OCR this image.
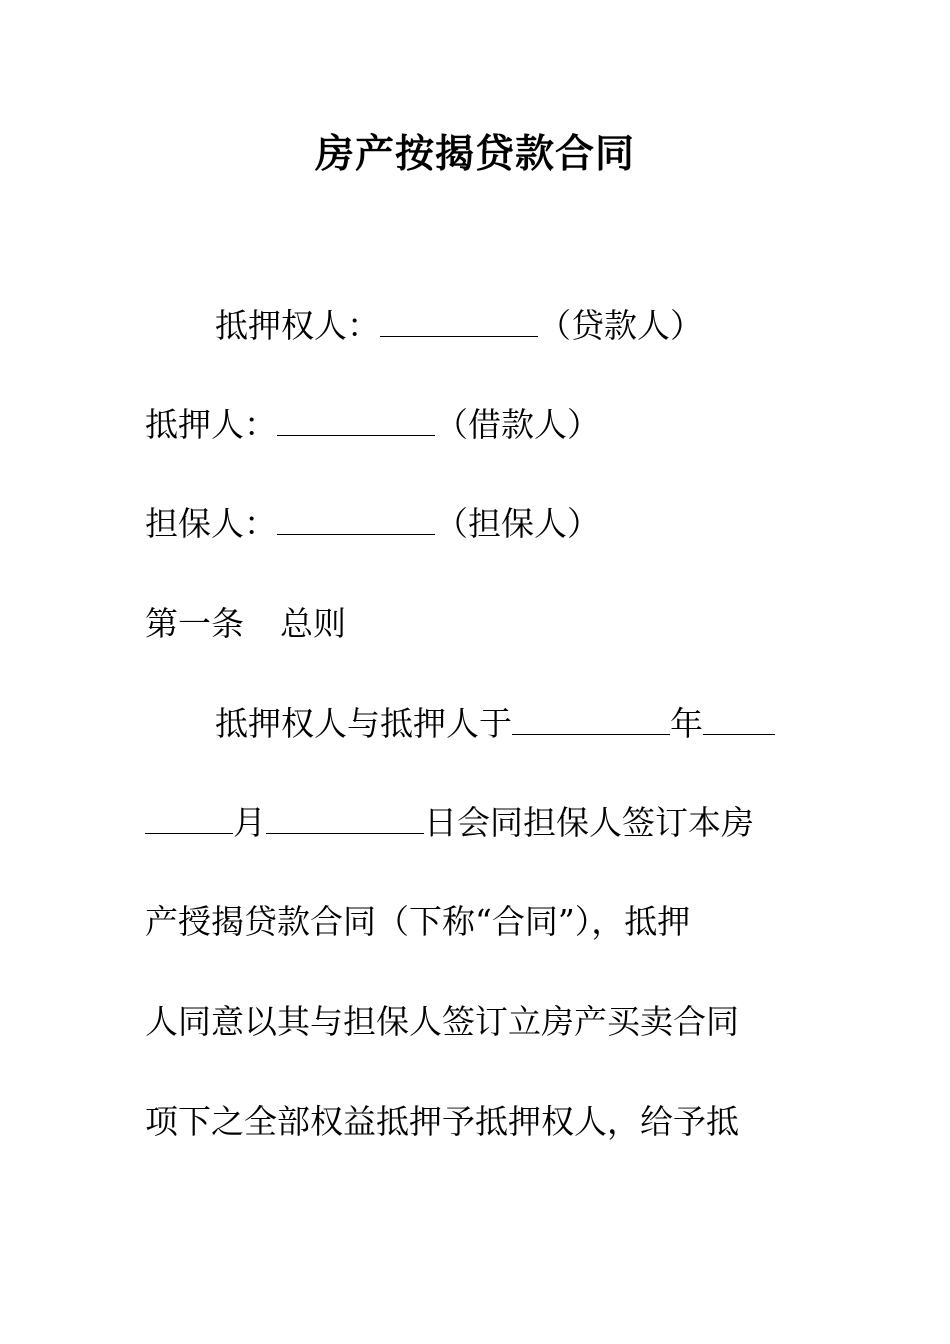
房产按揭贷款合同
抵押权人：	（贷款人）
抵押人：	（借款人）
担保人：	（担保人）
第一条 总则
抵押权人与抵押人于	年
月	日会同担保人签订本房
产授揭贷款合同（下称“合同”），抵押
人同意以其与担保人签订立房产买卖合同
项下之全部权益抵押予抵押权人，给予抵
